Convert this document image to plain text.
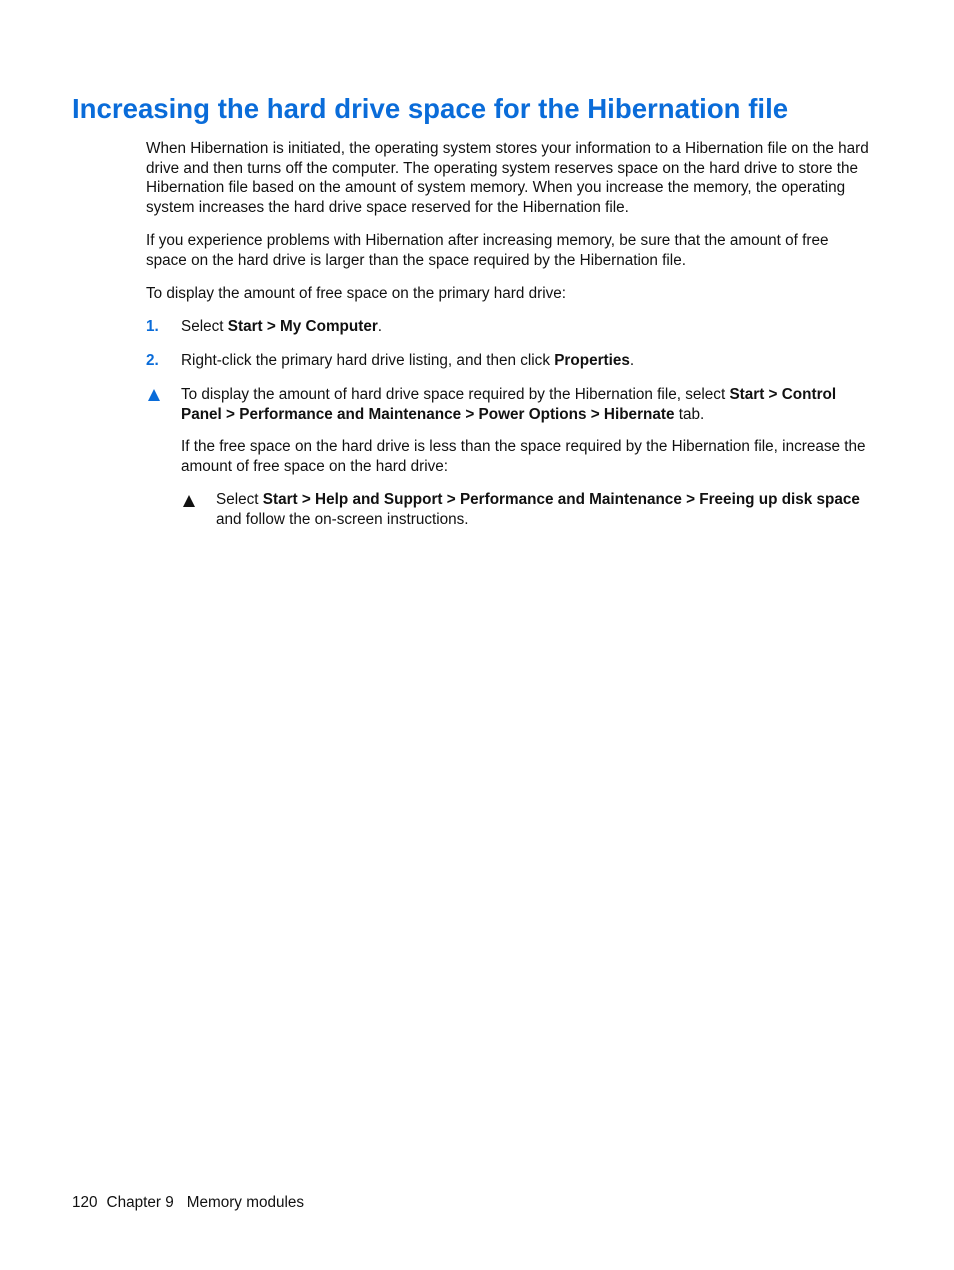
Increasing the hard drive space for the Hibernation file

When Hibernation is initiated, the operating system stores your information to a Hibernation file on the hard drive and then turns off the computer. The operating system reserves space on the hard drive to store the Hibernation file based on the amount of system memory. When you increase the memory, the operating system increases the hard drive space reserved for the Hibernation file.

If you experience problems with Hibernation after increasing memory, be sure that the amount of free space on the hard drive is larger than the space required by the Hibernation file.

To display the amount of free space on the primary hard drive:

1. Select Start > My Computer.
2. Right-click the primary hard drive listing, and then click Properties.
To display the amount of hard drive space required by the Hibernation file, select Start > Control Panel > Performance and Maintenance > Power Options > Hibernate tab.

If the free space on the hard drive is less than the space required by the Hibernation file, increase the amount of free space on the hard drive:

Select Start > Help and Support > Performance and Maintenance > Freeing up disk space and follow the on-screen instructions.
120 Chapter 9 Memory modules
